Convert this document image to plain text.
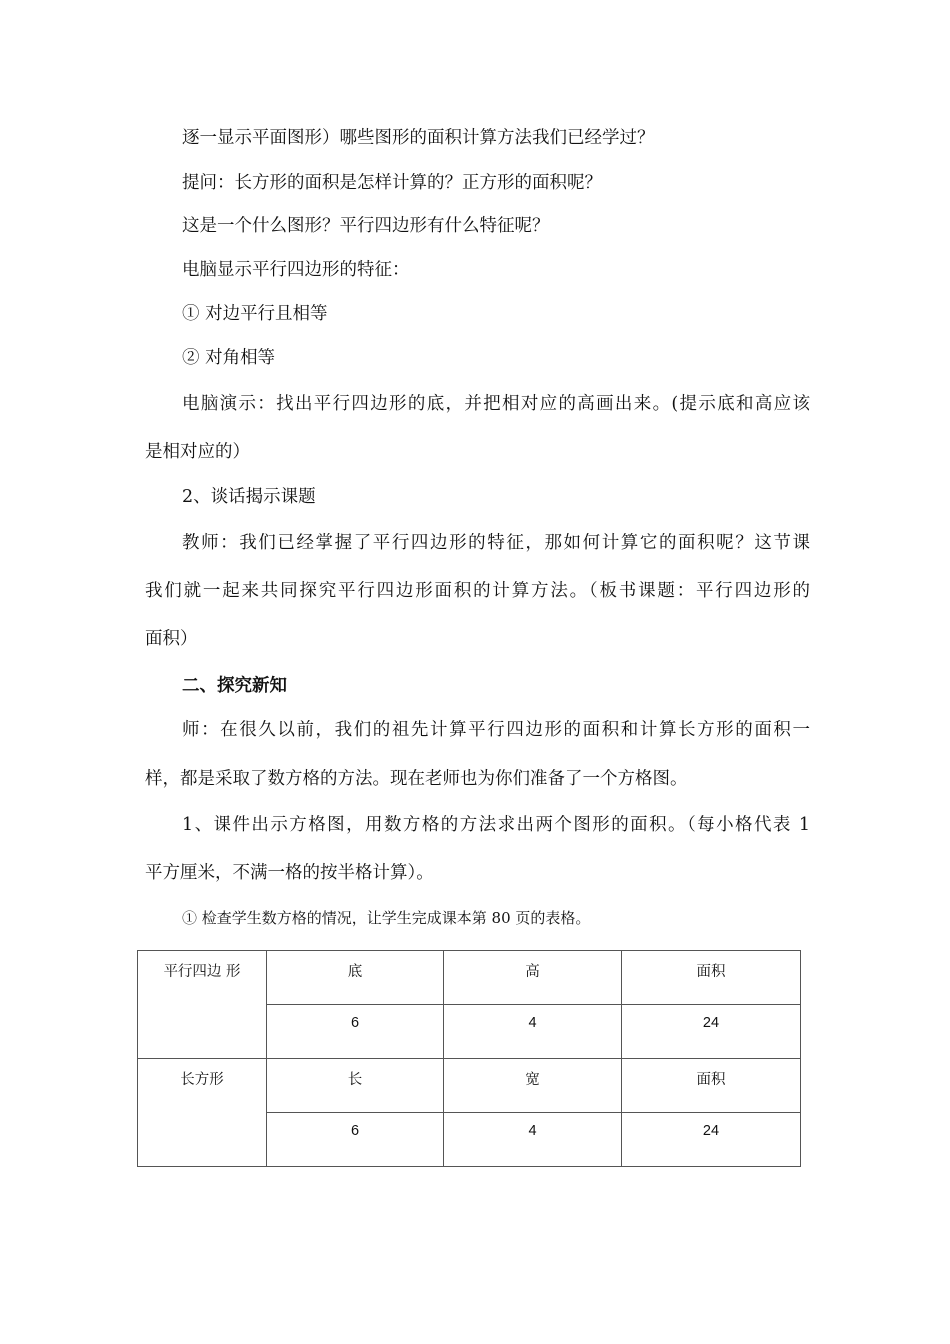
逐一显示平面图形）哪些图形的面积计算方法我们已经学过？
提问：长方形的面积是怎样计算的？正方形的面积呢？
这是一个什么图形？平行四边形有什么特征呢？
电脑显示平行四边形的特征：
① 对边平行且相等
② 对角相等
电脑演示：找出平行四边形的底，并把相对应的高画出来。(提示底和高应该
是相对应的）
2、谈话揭示课题
教师：我们已经掌握了平行四边形的特征，那如何计算它的面积呢？这节课
我们就一起来共同探究平行四边形面积的计算方法。（板书课题：平行四边形的
面积）
二、探究新知
师：在很久以前，我们的祖先计算平行四边形的面积和计算长方形的面积一
样，都是采取了数方格的方法。现在老师也为你们准备了一个方格图。
1、课件出示方格图，用数方格的方法求出两个图形的面积。（每小格代表 1
平方厘米，不满一格的按半格计算）。
① 检查学生数方格的情况，让学生完成课本第 80 页的表格。
平行四边 形	底	高	面积
	6	4	24
长方形	长	宽	面积
	6	4	24
